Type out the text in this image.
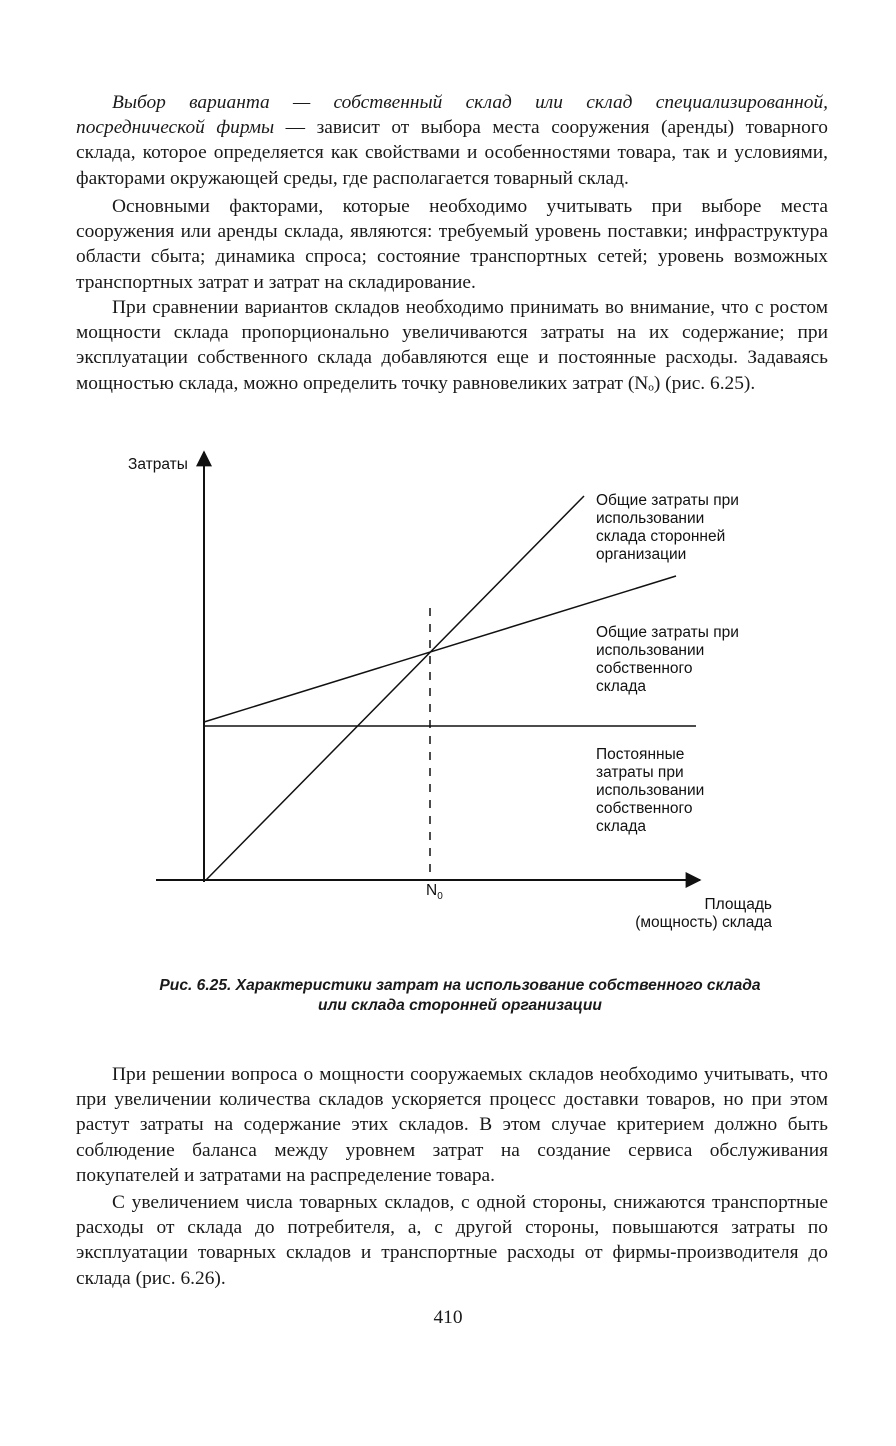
Выбор варианта — собственный склад или склад специализированной, посреднической фирмы — зависит от выбора места сооружения (аренды) товарного склада, которое определяется как свойствами и особенностями товара, так и условиями, факторами окружающей среды, где располагается товарный склад.

Основными факторами, которые необходимо учитывать при выборе места сооружения или аренды склада, являются: требуемый уровень поставки; инфраструктура области сбыта; динамика спроса; состояние транспортных сетей; уровень возможных транспортных затрат и затрат на складирование.

При сравнении вариантов складов необходимо принимать во внимание, что с ростом мощности склада пропорционально увеличиваются затраты на их содержание; при эксплуатации собственного склада добавляются еще и постоянные расходы. Задаваясь мощностью склада, можно определить точку равновеликих затрат (Nₒ) (рис. 6.25).

Затраты
Общие затраты при
использовании
склада сторонней
организации
Общие затраты при
использовании
собственного
склада
Постоянные
затраты при
использовании
собственного
склада
$N_0$	Площадь
(мощность) склада

Рис. 6.25. Характеристики затрат на использование собственного склада
или склада сторонней организации

При решении вопроса о мощности сооружаемых складов необходимо учитывать, что при увеличении количества складов ускоряется процесс доставки товаров, но при этом растут затраты на содержание этих складов. В этом случае критерием должно быть соблюдение баланса между уровнем затрат на создание сервиса обслуживания покупателей и затратами на распределение товара.

С увеличением числа товарных складов, с одной стороны, снижаются транспортные расходы от склада до потребителя, а, с другой стороны, повышаются затраты по эксплуатации товарных складов и транспортные расходы от фирмы-производителя до склада (рис. 6.26).

410
